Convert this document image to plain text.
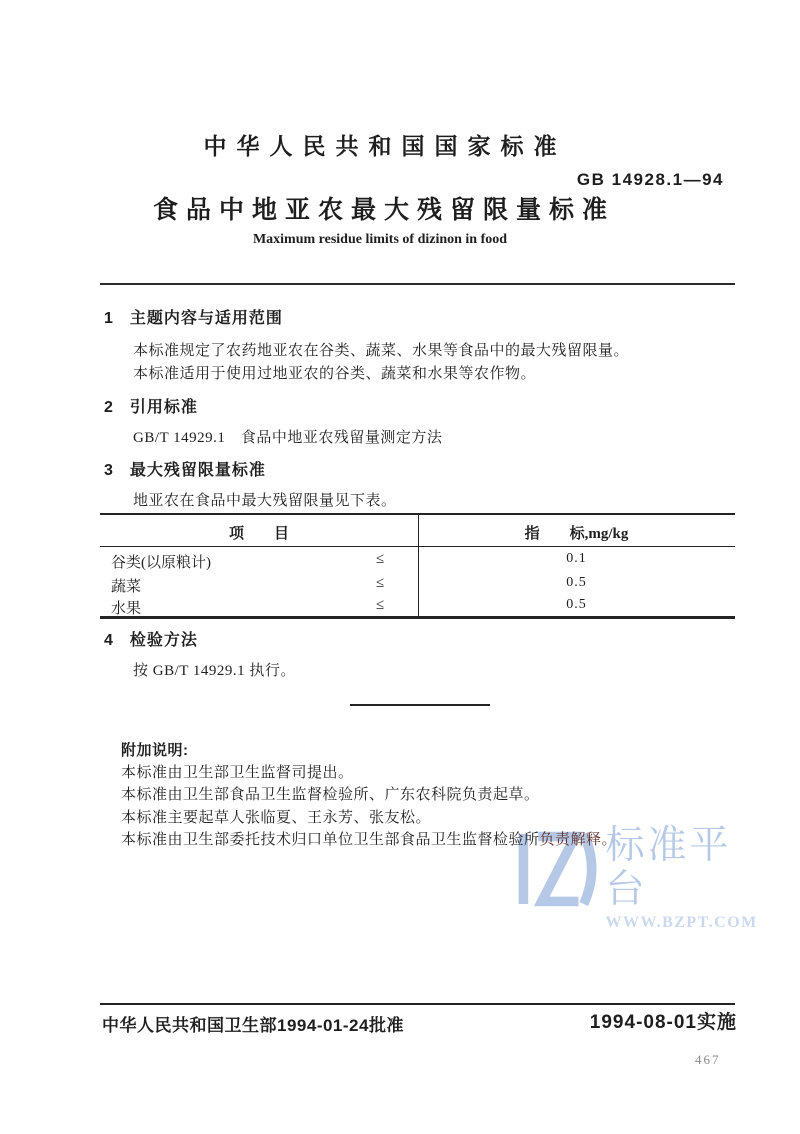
中华人民共和国国家标准
GB 14928.1—94
食品中地亚农最大残留限量标准
Maximum residue limits of dizinon in food
1 主题内容与适用范围
本标准规定了农药地亚农在谷类、蔬菜、水果等食品中的最大残留限量。
本标准适用于使用过地亚农的谷类、蔬菜和水果等农作物。
2 引用标准
GB/T 14929.1　食品中地亚农残留量测定方法
3 最大残留限量标准
地亚农在食品中最大残留限量见下表。
项　　目	指　　标,mg/kg
谷类(以原粮计)	≤	0.1
蔬菜	≤	0.5
水果	≤	0.5
4 检验方法
按 GB/T 14929.1 执行。
标准平台
WWW.BZPT.COM
附加说明:
本标准由卫生部卫生监督司提出。
本标准由卫生部食品卫生监督检验所、广东农科院负责起草。
本标准主要起草人张临夏、王永芳、张友松。
本标准由卫生部委托技术归口单位卫生部食品卫生监督检验所负责解释。
中华人民共和国卫生部1994-01-24批准	1994-08-01实施
467
